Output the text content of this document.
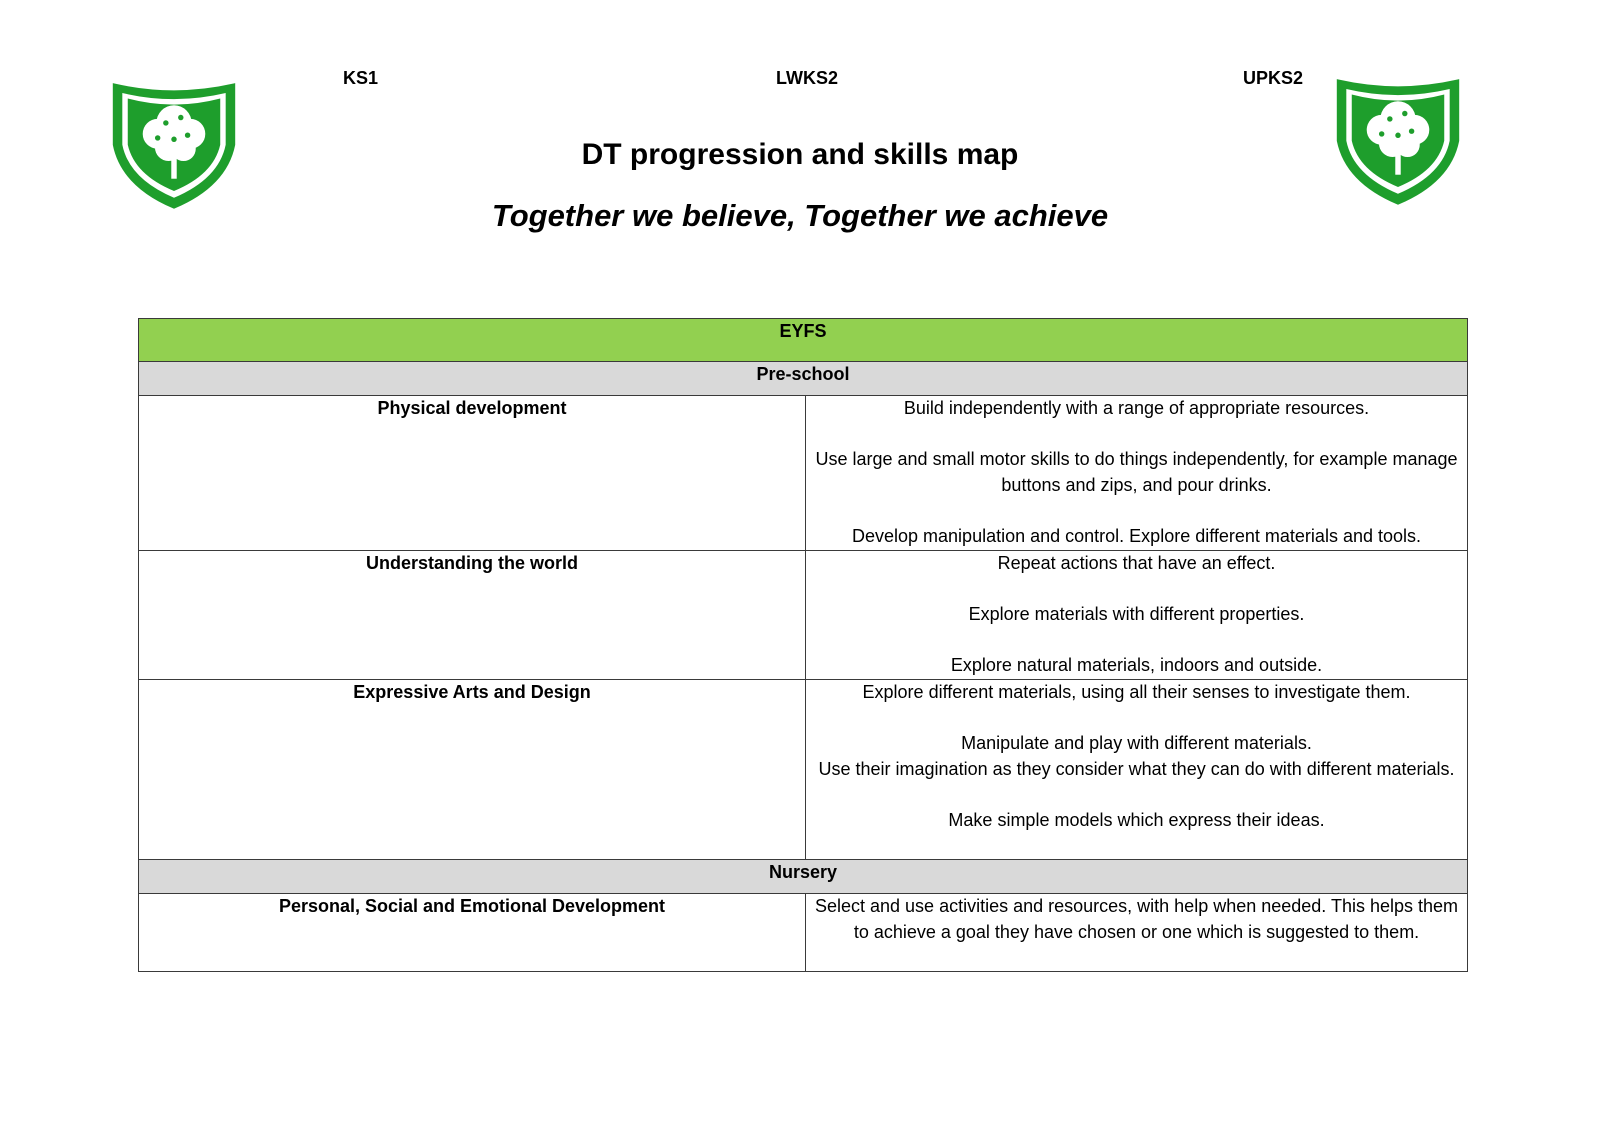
KS1	LWKS2	UPKS2
DT progression and skills map
Together we believe, Together we achieve
EYFS	
Pre-school	
Physical development	Build independently with a range of appropriate resources.
Use large and small motor skills to do things independently, for example manage buttons and zips, and pour drinks.
Develop manipulation and control. Explore different materials and tools.

Understanding the world	Repeat actions that have an effect.
Explore materials with different properties.
Explore natural materials, indoors and outside.

Expressive Arts and Design	Explore different materials, using all their senses to investigate them.
Manipulate and play with different materials.
Use their imagination as they consider what they can do with different materials.
Make simple models which express their ideas.

Nursery	
Personal, Social and Emotional Development	Select and use activities and resources, with help when needed. This helps them to achieve a goal they have chosen or one which is suggested to them.
